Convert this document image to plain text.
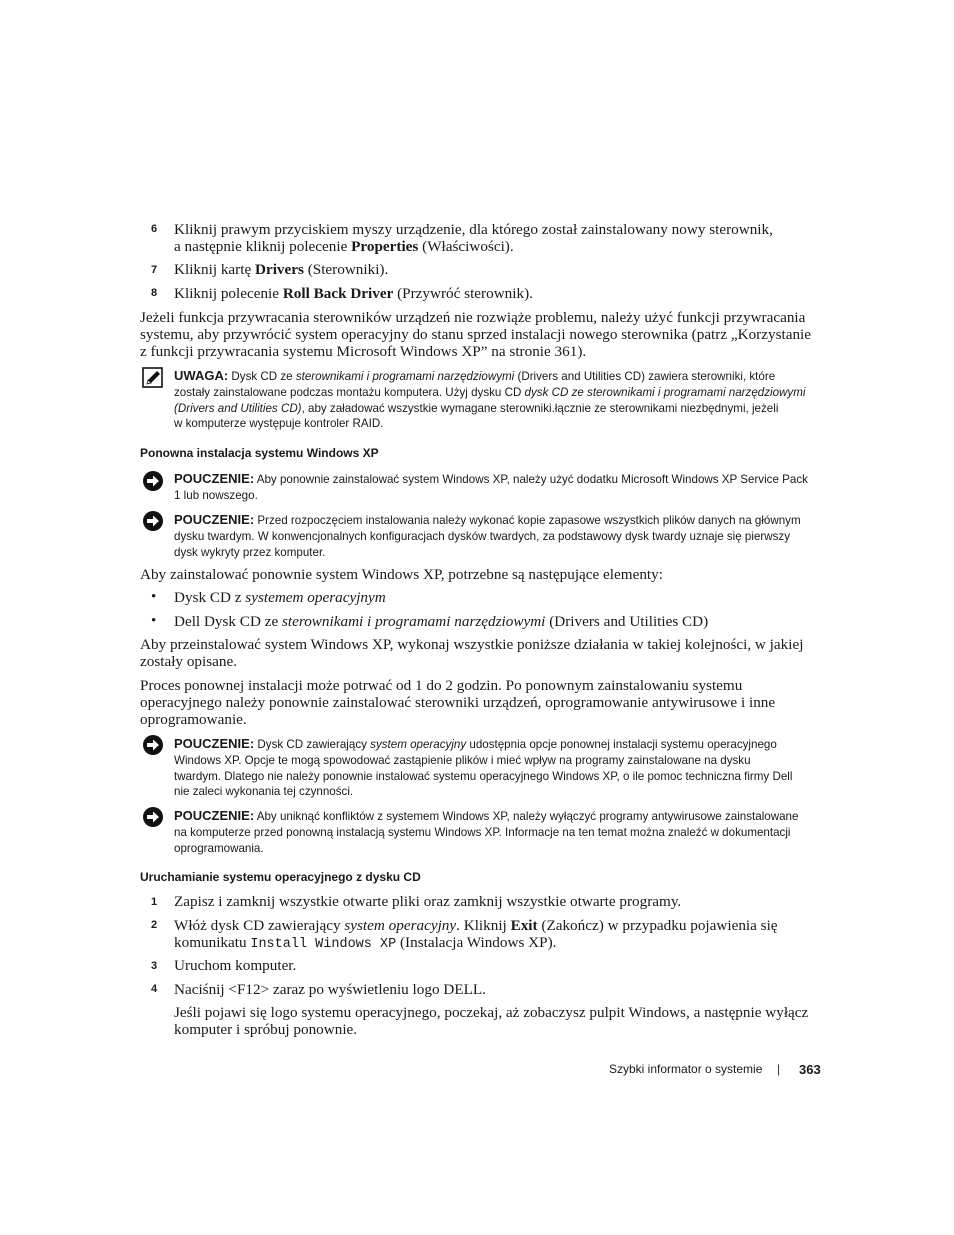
6 Kliknij prawym przyciskiem myszy urządzenie, dla którego został zainstalowany nowy sterownik,
a następnie kliknij polecenie Properties (Właściwości).
7 Kliknij kartę Drivers (Sterowniki).
8 Kliknij polecenie Roll Back Driver (Przywróć sterownik).
Jeżeli funkcja przywracania sterowników urządzeń nie rozwiąże problemu, należy użyć funkcji przywracania
systemu, aby przywrócić system operacyjny do stanu sprzed instalacji nowego sterownika (patrz „Korzystanie
z funkcji przywracania systemu Microsoft Windows XP” na stronie 361).
UWAGA: Dysk CD ze sterownikami i programami narzędziowymi (Drivers and Utilities CD) zawiera sterowniki, które
zostały zainstalowane podczas montażu komputera. Użyj dysku CD dysk CD ze sterownikami i programami narzędziowymi
(Drivers and Utilities CD), aby załadować wszystkie wymagane sterowniki.łącznie ze sterownikami niezbędnymi, jeżeli
w komputerze występuje kontroler RAID.
Ponowna instalacja systemu Windows XP
POUCZENIE: Aby ponownie zainstalować system Windows XP, należy użyć dodatku Microsoft Windows XP Service Pack
1 lub nowszego.
POUCZENIE: Przed rozpoczęciem instalowania należy wykonać kopie zapasowe wszystkich plików danych na głównym
dysku twardym. W konwencjonalnych konfiguracjach dysków twardych, za podstawowy dysk twardy uznaje się pierwszy
dysk wykryty przez komputer.
Aby zainstalować ponownie system Windows XP, potrzebne są następujące elementy:
• Dysk CD z systemem operacyjnym
• Dell Dysk CD ze sterownikami i programami narzędziowymi (Drivers and Utilities CD)
Aby przeinstalować system Windows XP, wykonaj wszystkie poniższe działania w takiej kolejności, w jakiej
zostały opisane.
Proces ponownej instalacji może potrwać od 1 do 2 godzin. Po ponownym zainstalowaniu systemu
operacyjnego należy ponownie zainstalować sterowniki urządzeń, oprogramowanie antywirusowe i inne
oprogramowanie.
POUCZENIE: Dysk CD zawierający system operacyjny udostępnia opcje ponownej instalacji systemu operacyjnego
Windows XP. Opcje te mogą spowodować zastąpienie plików i mieć wpływ na programy zainstalowane na dysku
twardym. Dlatego nie należy ponownie instalować systemu operacyjnego Windows XP, o ile pomoc techniczna firmy Dell
nie zaleci wykonania tej czynności.
POUCZENIE: Aby uniknąć konfliktów z systemem Windows XP, należy wyłączyć programy antywirusowe zainstalowane
na komputerze przed ponowną instalacją systemu Windows XP. Informacje na ten temat można znaleźć w dokumentacji
oprogramowania.
Uruchamianie systemu operacyjnego z dysku CD
1 Zapisz i zamknij wszystkie otwarte pliki oraz zamknij wszystkie otwarte programy.
2 Włóż dysk CD zawierający system operacyjny. Kliknij Exit (Zakończ) w przypadku pojawienia się
komunikatu Install Windows XP (Instalacja Windows XP).
3 Uruchom komputer.
4 Naciśnij <F12> zaraz po wyświetleniu logo DELL.
Jeśli pojawi się logo systemu operacyjnego, poczekaj, aż zobaczysz pulpit Windows, a następnie wyłącz
komputer i spróbuj ponownie.
Szybki informator o systemie | 363
